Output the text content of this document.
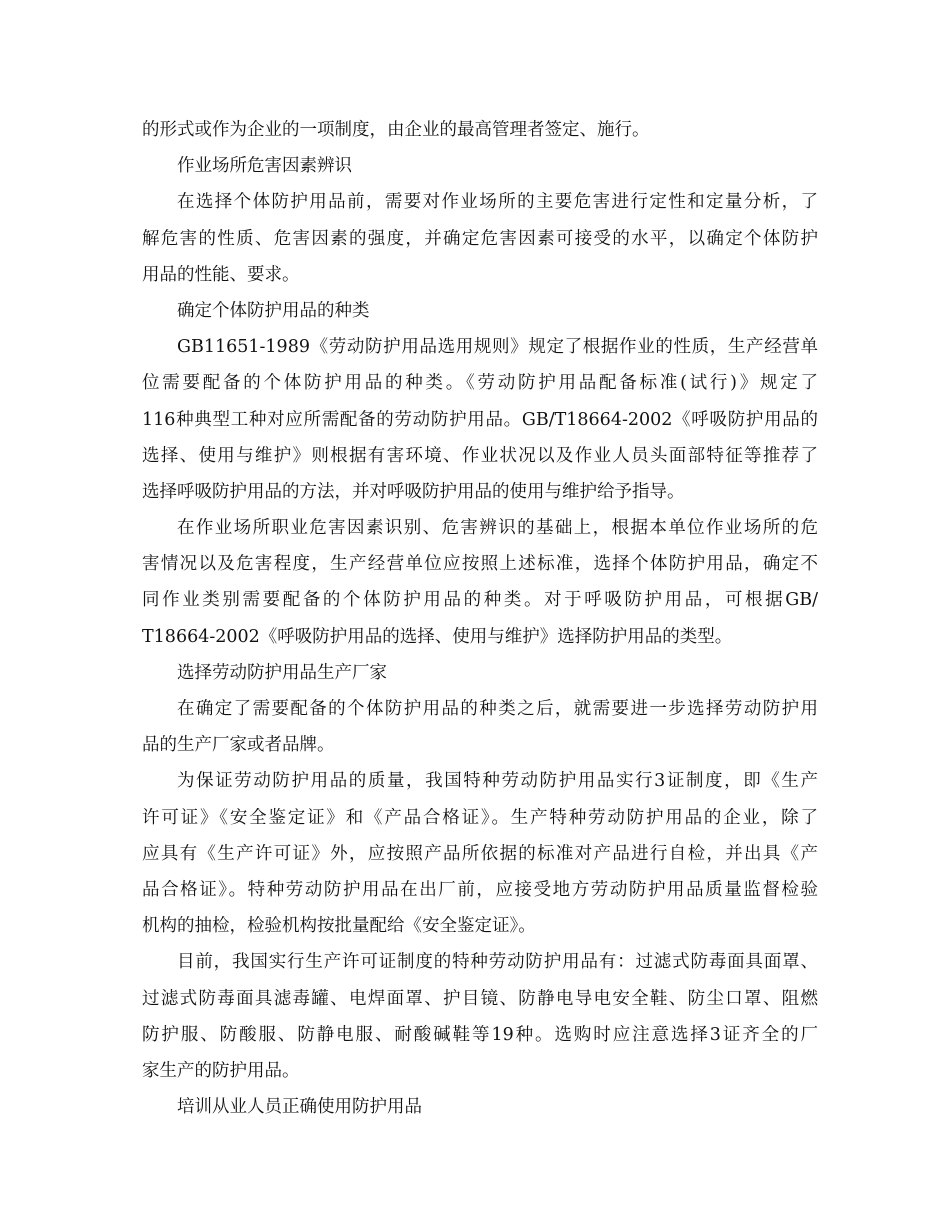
的形式或作为企业的一项制度，由企业的最高管理者签定、施行。
作业场所危害因素辨识
在选择个体防护用品前，需要对作业场所的主要危害进行定性和定量分析，了
解危害的性质、危害因素的强度，并确定危害因素可接受的水平，以确定个体防护
用品的性能、要求。
确定个体防护用品的种类
GB11651-1989《劳动防护用品选用规则》规定了根据作业的性质，生产经营单
位需要配备的个体防护用品的种类。《劳动防护用品配备标准(试行)》规定了
116种典型工种对应所需配备的劳动防护用品。GB/T18664-2002《呼吸防护用品的
选择、使用与维护》则根据有害环境、作业状况以及作业人员头面部特征等推荐了
选择呼吸防护用品的方法，并对呼吸防护用品的使用与维护给予指导。
在作业场所职业危害因素识别、危害辨识的基础上，根据本单位作业场所的危
害情况以及危害程度，生产经营单位应按照上述标准，选择个体防护用品，确定不
同作业类别需要配备的个体防护用品的种类。对于呼吸防护用品，可根据GB/
T18664-2002《呼吸防护用品的选择、使用与维护》选择防护用品的类型。
选择劳动防护用品生产厂家
在确定了需要配备的个体防护用品的种类之后，就需要进一步选择劳动防护用
品的生产厂家或者品牌。
为保证劳动防护用品的质量，我国特种劳动防护用品实行3证制度，即《生产
许可证》《安全鉴定证》和《产品合格证》。生产特种劳动防护用品的企业，除了
应具有《生产许可证》外，应按照产品所依据的标准对产品进行自检，并出具《产
品合格证》。特种劳动防护用品在出厂前，应接受地方劳动防护用品质量监督检验
机构的抽检，检验机构按批量配给《安全鉴定证》。
目前，我国实行生产许可证制度的特种劳动防护用品有：过滤式防毒面具面罩、
过滤式防毒面具滤毒罐、电焊面罩、护目镜、防静电导电安全鞋、防尘口罩、阻燃
防护服、防酸服、防静电服、耐酸碱鞋等19种。选购时应注意选择3证齐全的厂
家生产的防护用品。
培训从业人员正确使用防护用品
